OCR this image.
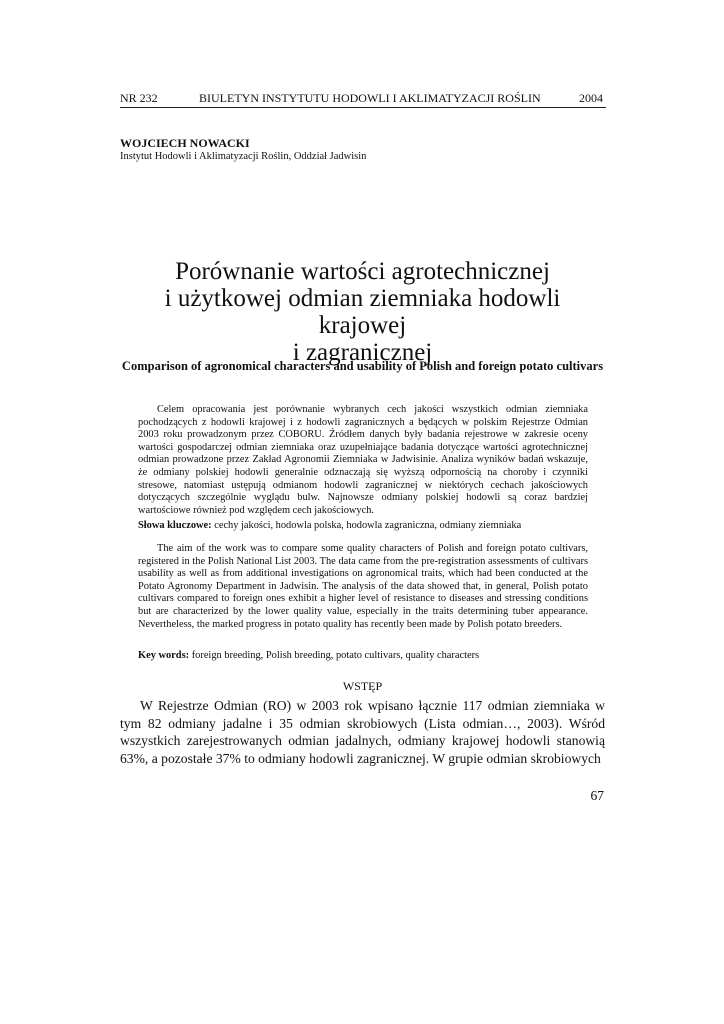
NR 232	BIULETYN INSTYTUTU HODOWLI I AKLIMATYZACJI ROŚLIN	2004
WOJCIECH NOWACKI
Instytut Hodowli i Aklimatyzacji Roślin, Oddział Jadwisin
Porównanie wartości agrotechnicznej
i użytkowej odmian ziemniaka hodowli krajowej
i zagranicznej
Comparison of agronomical characters and usability of Polish and foreign potato cultivars

Celem opracowania jest porównanie wybranych cech jakości wszystkich odmian ziemniaka pochodzących z hodowli krajowej i z hodowli zagranicznych a będących w polskim Rejestrze Odmian 2003 roku prowadzonym przez COBORU. Źródłem danych były badania rejestrowe w zakresie oceny wartości gospodarczej odmian ziemniaka oraz uzupełniające badania dotyczące wartości agrotechnicznej odmian prowadzone przez Zakład Agronomii Ziemniaka w Jadwisinie. Analiza wyników badań wskazuje, że odmiany polskiej hodowli generalnie odznaczają się wyższą odpornością na choroby i czynniki stresowe, natomiast ustępują odmianom hodowli zagranicznej w niektórych cechach jakościowych dotyczących szczególnie wyglądu bulw. Najnowsze odmiany polskiej hodowli są coraz bardziej wartościowe również pod względem cech jakościowych.

Słowa kluczowe: cechy jakości, hodowla polska, hodowla zagraniczna, odmiany ziemniaka

The aim of the work was to compare some quality characters of Polish and foreign potato cultivars, registered in the Polish National List 2003. The data came from the pre-registration assessments of cultivars usability as well as from additional investigations on agronomical traits, which had been conducted at the Potato Agronomy Department in Jadwisin. The analysis of the data showed that, in general, Polish potato cultivars compared to foreign ones exhibit a higher level of resistance to diseases and stressing conditions but are characterized by the lower quality value, especially in the traits determining tuber appearance. Nevertheless, the marked progress in potato quality has recently been made by Polish potato breeders.

Key words: foreign breeding, Polish breeding, potato cultivars, quality characters

WSTĘP

W Rejestrze Odmian (RO) w 2003 rok wpisano łącznie 117 odmian ziemniaka w tym 82 odmiany jadalne i 35 odmian skrobiowych (Lista odmian…, 2003). Wśród wszystkich zarejestrowanych odmian jadalnych, odmiany krajowej hodowli stanowią 63%, a pozostałe 37% to odmiany hodowli zagranicznej. W grupie odmian skrobiowych

67
